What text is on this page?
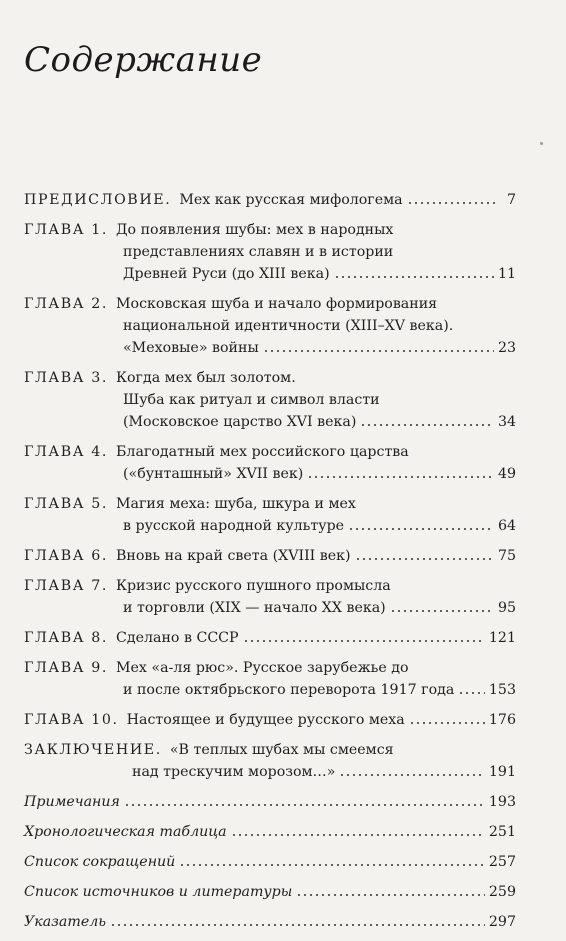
Содержание
ПРЕДИСЛОВИЕ. Мех как русская мифологема	7
ГЛАВА 1. До появления шубы: мех в народных
представлениях славян и в истории
Древней Руси (до XIII века)	11
ГЛАВА 2. Московская шуба и начало формирования
национальной идентичности (XIII–XV века).
«Меховые» войны	23
ГЛАВА 3. Когда мех был золотом.
Шуба как ритуал и символ власти
(Московское царство XVI века)	34
ГЛАВА 4. Благодатный мех российского царства
(«бунташный» XVII век)	49
ГЛАВА 5. Магия меха: шуба, шкура и мех
в русской народной культуре	64
ГЛАВА 6. Вновь на край света (XVIII век)	75
ГЛАВА 7. Кризис русского пушного промысла
и торговли (XIX — начало XX века)	95
ГЛАВА 8. Сделано в СССР	121
ГЛАВА 9. Мех «а-ля рюс». Русское зарубежье до
и после октябрьского переворота 1917 года 153
ГЛАВА 10. Настоящее и будущее русского меха	176
ЗАКЛЮЧЕНИЕ. «В теплых шубах мы смеемся
над трескучим морозом…»	191
Примечания	193
Хронологическая таблица	251
Список сокращений	257
Список источников и литературы	259
Указатель	297
